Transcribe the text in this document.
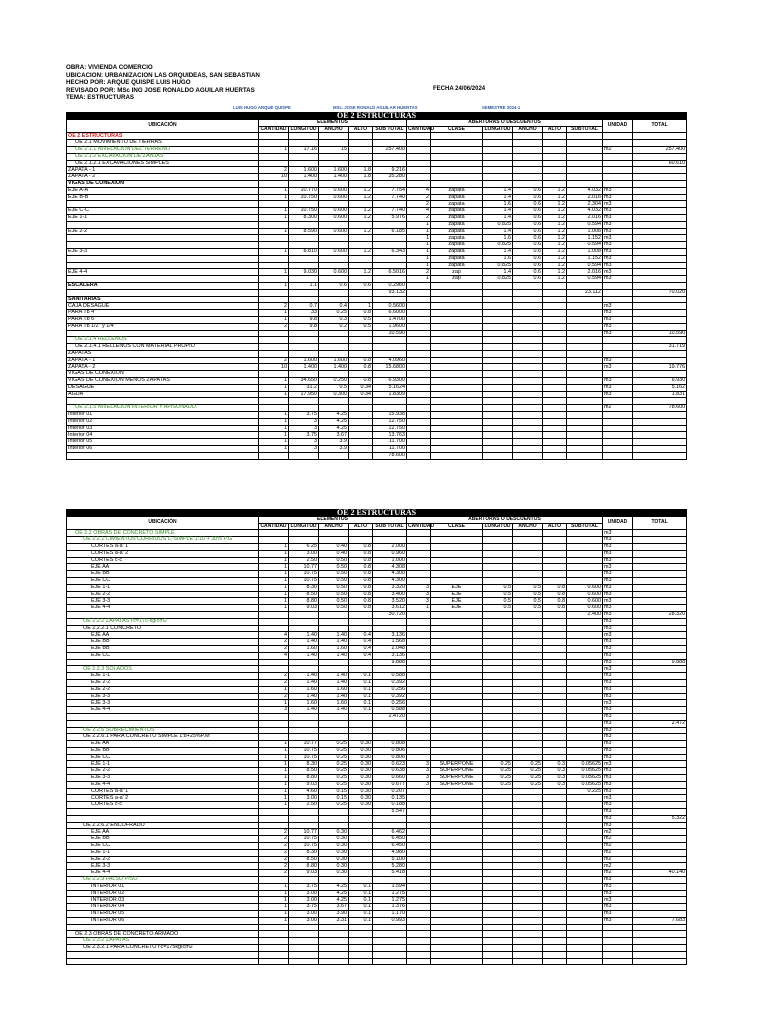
OBRA: VIVIENDA COMERCIO
UBICACION: URBANIZACION LAS ORQUIDEAS, SAN SEBASTIAN
HECHO POR: ARQUE QUISPE LUIS HUGO
REVISADO POR: MSc ING JOSE RONALDO AGUILAR HUERTAS
TEMA: ESTRUCTURAS
FECHA 24/06/2024
LUIS HUGO ARQUE QUISPE	MSc. JOSE RONALD AGUILAR HUERTAS	SEMESTRE 2024-1
OE 2 ESTRUCTURAS													
UBICACIÓN	ELEMENTOS					ABERTURAS O DESCUENTOS						UNIDAD	TOTAL
	CANTIDAD	LONGITUD	ANCHO	ALTO	SUB TOTAL	CANTIDAD	CLASE	LONGITUD	ANCHO	ALTO	SUBTOTAL		
OE 2 ESTRUCTURAS													
OE 2.1 MOVIMIENTO DE TIERRAS													
OE 2.1.1 NIVELACION DEL TERRENO	1	17.16	15		257.400							m2	257.400
OE 2.1.2 EXCAVACION DE ZANJAS													
OE 2.1.2.1 EXCAVACIONES SIMPLES													60.610
ZAPATA - 1	2	1.600	1.600	1.8	9.216								
ZAPATA - 2	10	1.400	1.400	1.8	35.280								
VIGAS DE CONEXION													
EJE A-A	1	10.770	0.600	1.2	7.754	4	zapata	1.4	0.6	1.2	4.032	m3	
EJE B-B	1	10.750	0.600	1.2	7.740	2	zapata	1.4	0.6	1.2	2.016	m3	
						2	zapata	1.6	0.6	1.2	2.304	m3	
EJE C-C	1	10.750	0.600	1.2	7.740	4	zapata	1.4	0.6	1.2	4.032	m3	
EJE 1-1	1	8.300	0.600	1.2	5.976	2	zapata	1.4	0.6	1.2	2.016	m3	
						1	zapata	0.825	0.6	1.2	0.594	m3	
EJE 2-2	1	8.590	0.600	1.2	6.185	1	zapata	1.4	0.6	1.2	1.008	m3	
						1	zapata	1.6	0.6	1.2	1.152	m3	
						1	zapata	0.825	0.6	1.2	0.594	m3	
EJE 3-3	1	8.810	0.600	1.2	6.343	1	zapata	1.4	0.6	1.2	1.008	m3	
						1	zapata	1.6	0.6	1.2	1.152	m3	
						1	zapata	0.825	0.6	1.2	0.594	m3	
EJE 4-4	1	9.030	0.600	1.2	6.5016	2	zap	1.4	0.6	1.2	2.016	m3	
						1	zap	0.825	0.6	1.2	0.594	m3	
ESCALERA	1	1.1	0.6	0.6	0.2960								
					93.132						23.112		70.020
SANITARIAS													
CAJA DESAGUE	2	0.7	0.4	1	0.5600							m3	
PARA Tb 4"	1	33	0.25	0.8	6.6000							m3	
PARA Tb 6"	1	9.8	0.3	0.5	1.4700							m3	
PARA Tb 1/2" y 1/4"	2	9.8	0.2	0.5	1.9600							m3	
					10.590							m3	10.590
OE 2.1.4 RELLENOS													
OE 2.1.4.1 RELLENOS CON MATERIAL PROPIO													31.719
ZAPATAS													
ZAPATA - 1	2	1.600	1.600	0.8	4.0960							m3	
ZAPATA - 2	10	1.400	1.400	0.8	15.6800							m3	19.776
VIGAS DE CONEXION													
VIGAS DE CONEXION MENOS ZAPATAS	1	34.650	0.250	0.8	6.9300							m3	6.930
DESAGUE	1	31.2	0.5	0.34	5.1624							m3	5.162
AGUA	1	17.950	0.300	0.34	1.8309							m3	1.831

OE 2.1.5 NIVELACION INTERIOR Y APISONADO.												m2	78.600
Interior 01	1	3.75	4.25		15.938								
Interior 02	1	3	4.25		12.750								
Interior 03	1	3	4.25		12.750								
Interior 04	1	3.75	3.67		13.763								
Interior 05	1	3	3.9		11.700								
Interior 06	1	3	3.9		11.700								
					78.600								
OE 2 ESTRUCTURAS													
UBICACIÓN	ELEMENTOS					ABERTURAS O DESCUENTOS						UNIDAD	TOTAL
	CANTIDAD	LONGITUD	ANCHO	ALTO	SUB TOTAL	CANTIDAD	CLASE	LONGITUD	ANCHO	ALTO	SUBTOTAL		
OE 2.2 OBRAS DE CONCRETO SIMPLE												m3	
OE 2.2.1 CIMIENTOS CORRIDOS C-SIMPLE 1:10 + 30% P.G												m3	
CORTES a-a' 1	1	6.25	0.40	0.8	2.000							m3	
CORTES a-a' 2	1	3.00	0.40	0.8	0.960							m3	
CORTES c-c	1	2.50	0.50	0.8	1.000							m3	
EJE AA	1	10.77	0.50	0.8	4.308							m3	
EJE BB	1	10.75	0.50	0.8	4.300							m3	
EJE CC	1	10.75	0.50	0.8	4.300							m3	
EJE 1-1	1	8.30	0.50	0.8	3.320	3	EJE	0.5	0.5	0.8	0.600	m3	
EJE 2-2	1	8.50	0.50	0.8	3.400	3	EJE	0.5	0.5	0.8	0.600	m3	
EJE 3-3	1	8.80	0.50	0.8	3.520	3	EJE	0.5	0.5	0.8	0.600	m3	
EJE 4-4	1	9.03	0.50	0.8	3.612	1	EJE	0.5	0.5	0.8	0.600	m3	
					30.720						2.400	m3	28.320
OE 2.2.2 ZAPATAS f'c=175 kg/cm2												m3	
OE 2.2.2.1 CONCRETO												m3	
EJE AA	4	1.40	1.40	0.4	3.136							m3	
EJE BB	2	1.40	1.40	0.4	1.568							m3	
EJE BB	2	1.60	1.60	0.4	2.048							m3	
EJE CC	4	1.40	1.40	0.4	3.136							m3	
					9.888							m3	9.888
OE 2.2.3 SOLADOS												m3	
EJE 1-1	2	1.40	1.40	0.1	0.588							m3	
EJE 2-2	2	1.40	1.40	0.1	0.392							m3	
EJE 2-2	1	1.60	1.60	0.1	0.256							m3	
EJE 3-3	2	1.40	1.40	0.1	0.392							m3	
EJE 3-3	1	1.60	1.60	0.1	0.256							m3	
EJE 4-4	3	1.40	1.40	0.1	0.588							m3	
					2.4720							m3	
												m3	2.472
OE 2.2.6 SOBRECIMIENTOS												m3	
OE 2.2.6.1 PARA CONCRETO SIMPLE 1:8+25%P.M												m3	
EJE AA	1	10.77	0.25	0.30	0.808							m3	
EJE BB	1	10.75	0.25	0.30	0.806							m3	
EJE CC	1	10.75	0.25	0.30	0.806							m3	
EJE 1-1	1	8.30	0.25	0.30	0.623	3	SUPERPONE	0.25	0.25	0.3	0.05625	m3	
EJE 2-2	1	8.50	0.25	0.30	0.638	3	SUPERPONE	0.25	0.25	0.3	0.05625	m3	
EJE 3-3	1	8.80	0.25	0.30	0.660	3	SUPERPONE	0.25	0.25	0.3	0.05625	m3	
EJE 4-4	1	9.03	0.25	0.30	0.677	3	SUPERPONE	0.25	0.25	0.3	0.05625	m3	
CORTES a-a' 1	1	4.60	0.15	0.30	0.207						0.225	m3	
CORTES a-a' 2	1	3.00	0.15	0.30	0.135							m3	
CORTES c-c	1	2.50	0.25	0.30	0.188							m3	
					5.547							m3	
												m3	5.322
OE 2.2.6.2 ENCOFRADO												m3	
EJE AA	2	10.77	0.30		6.462							m2	
EJE BB	2	10.75	0.30		6.450							m2	
EJE CC	2	10.75	0.30		6.450							m2	
EJE 1-1	2	8.30	0.30		4.980							m2	
EJE 2-2	2	8.50	0.30		5.100							m2	
EJE 3-3	2	8.80	0.30		5.280							m2	
EJE 4-4	2	9.03	0.30		5.418							m2	40.140
OE 2.2.9 FALSO PISO												m3	
INTERIOR 01	1	3.75	4.25	0.1	1.594							m3	
INTERIOR 02	1	3.00	4.25	0.1	1.275							m3	
INTERIOR 03	1	3.00	4.25	0.1	1.275							m3	
INTERIOR 04	1	3.75	3.67	0.1	1.376							m3	
INTERIOR 05	1	3.00	3.90	0.1	1.170							m3	
INTERIOR 06	1	3.00	3.31	0.1	0.993							m3	7.683

OE 2.3 OBRAS DE CONCRETO ARMADO													
OE 2.3.2 ZAPATAS													
OE 2.3.2.1 PARA CONCRETO f'c=175kg/cm2													
